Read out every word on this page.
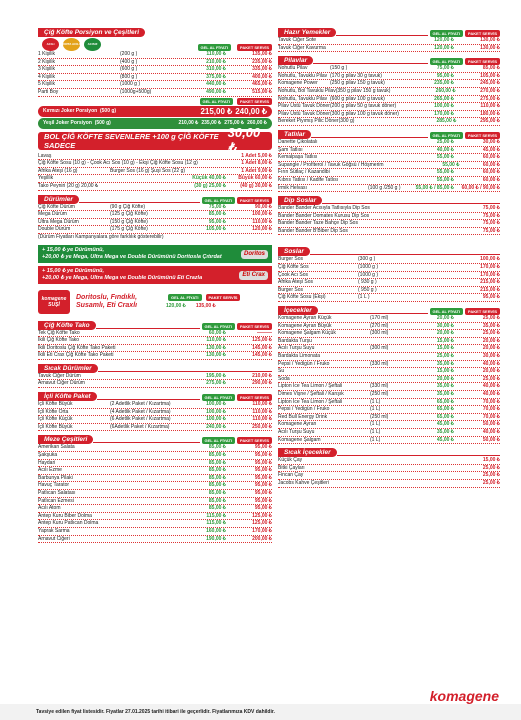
Çiğ Köfte Porsiyon ve Çeşitleri
ACILI	ORTA ACILI	ACISIZ
GEL AL FİYATI	PAKET SERVİS
1 Kişilik	(200 g )	110,00 ₺	135,00 ₺
2 Kişilik	(400 g )	210,00 ₺	235,00 ₺
3 Kişilik	(600 g )	310,00 ₺	335,00 ₺
4 Kişilik	(800 g )	375,00 ₺	400,00 ₺
5 Kişilik	(1000 g )	440,00 ₺	465,00 ₺
Parti Boy	(1000g+500g)	490,00 ₺	515,00 ₺
GEL AL FİYATI	PAKET SERVİS
Kırmızı Joker Porsiyon
(500 g)	215,00 ₺ 240,00 ₺
Yeşil Joker Porsiyon
(500 g)	210,00 ₺ 235,00 ₺ 275,00 ₺ 260,00 ₺
BOL ÇİĞ KÖFTE SEVENLERE +100 g ÇİĞ KÖFTE SADECE
30,00 ₺
Lavaş	1 Adet 5,00 ₺
Çiğ Köfte Sosu (10 g) - Çook Acı Sos (10 g) - Ekşi Çiğ Köfte Sosu (12 g)	1 Adet 8,00 ₺
Afrika Ateşi (16 g)	Burger Sos (16 g) Şuşi Sos (22 g)	1 Adet 9,00 ₺
Yeşillik	Küçük 40,00 ₺	Büyük 60,00 ₺
Tako Peyniri (20 g) 20,00 ₺	(30 g) 25,00 ₺	(40 g) 30,00 ₺
Dürümler	GEL AL FİYATI	PAKET SERVİS
Çiğ Köfte Dürüm	(90 g Çiğ Köfte)	75,00 ₺	90,00 ₺
Mega Dürüm	(125 g Çiğ Köfte)	85,00 ₺	100,00 ₺
Ultra Mega Dürüm	(150 g Çiğ Köfte)	95,00 ₺	110,00 ₺
Double Dürüm	(175 g Çiğ Köfte)	105,00 ₺	120,00 ₺
(Dürüm Fiyatları Kampanyalara göre farklılık gösterebilir)
+ 15,00 ₺ ye Dürümünü,
+20,00 ₺ ye Mega, Ultra Mega ve Double Dürümünü Doritosla Çıtırdat	Doritos
+ 15,00 ₺ ye Dürümünü,
+20,00 ₺ ye Mega, Ultra Mega ve Double Dürümünü Eti Crazla	Eti Crax
komagene SUŞİ
Doritoslu, Fındıklı, Susamlı, Eti Craxlı
GEL AL FİYATI	PAKET SERVİS
120,00 ₺ 135,00 ₺
Çiğ Köfte Tako	GEL AL FİYATI	PAKET SERVİS
Tek Çiğ Köfte Tako	60,00 ₺	———
İkili Çiğ Köfte Tako	110,00 ₺	125,00 ₺
İkili Doritoslu Çiğ Köfte Tako Paketi	130,00 ₺	145,00 ₺
İkili Eti Crax Çiğ Köfte Tako Paketi	130,00 ₺	145,00 ₺
Sıcak Dürümler
Tavuk Ciğer Dürüm	195,00 ₺	210,00 ₺
Arnavut Ciğer Dürüm	275,00 ₺	290,00 ₺
İçli Köfte Paket	GEL AL FİYATI	PAKET SERVİS
İçli Köfte Büyük	(2 Adetlik Paket / Kızartma)	100,00 ₺	110,00 ₺
İçli Köfte Orta	(4 Adetlik Paket / Kızartma)	100,00 ₺	110,00 ₺
İçli Köfte Küçük	(6 Adetlik Paket / Kızartma)	100,00 ₺	110,00 ₺
İçli Köfte Büyük	(6Adetlik Paket / Kızartma)	240,00 ₺	250,00 ₺
Meze Çeşitleri	GEL AL FİYATI	PAKET SERVİS
Amerikan Salata	85,00 ₺	95,00 ₺
Şakşuka	85,00 ₺	95,00 ₺
Haydari	85,00 ₺	95,00 ₺
Acılı Ezme	85,00 ₺	95,00 ₺
Barbunya Pilaki	85,00 ₺	95,00 ₺
Havuç Tarator	85,00 ₺	95,00 ₺
Patlıcan Salatası	85,00 ₺	95,00 ₺
Patlıcan Ezmesi	85,00 ₺	95,00 ₺
Acılı Atom	85,00 ₺	95,00 ₺
Antep Kuru Biber Dolma	115,00 ₺	125,00 ₺
Antep Kuru Patlıcan Dolma	115,00 ₺	125,00 ₺
Yaprak Sarma	160,00 ₺	170,00 ₺
Arnavut Ciğeri	190,00 ₺	200,00 ₺
Hazır Yemekler	GEL AL FİYATI	PAKET SERVİS
Tavuk Ciğer Sote	120,00 ₺	130,00 ₺
Tavuk Ciğer Kavurma	120,00 ₺	130,00 ₺
Pilavlar	GEL AL FİYATI	PAKET SERVİS
Nohutlu Pilav	(150 g )	75,00 ₺	85,00 ₺
Nohutlu, Tavuklu Pilav (170 g pilav 30 g tavuk)	95,00 ₺	105,00 ₺
Komagene Power	(250 g pilav 150 g tavuk)	235,00 ₺	245,00 ₺
Nohutlu, Bol Tavuklu Pilav (350 g pilav 150 g tavuk)	260,00 ₺	270,00 ₺
Nohutlu, Tavuklu Pilav (600 g pilav 100 g tavuk)	265,00 ₺	275,00 ₺
Pilav Üstü Tavuk Döner (200 g pilav 50 g tavuk döner)	100,00 ₺	110,00 ₺
Pilav Üstü Tavuk Döner (300 g pilav 100 g tavuk döner)	170,00 ₺	180,00 ₺
Bereket Piyımış Pilic Döner (300 g)	285,00 ₺	295,00 ₺
Tatlılar	GEL AL FİYATI	PAKET SERVİS
Danette Çikolatalı	25,00 ₺	30,00 ₺
Şam Tatlısı	40,00 ₺	45,00 ₺
Kemalpaşa Tatlısı	55,00 ₺	60,00 ₺
Supangle / Profiterol / Tavuk Göğsü / Höşmerim	55,00 ₺	60,00 ₺
Fırın Sütlaç / Kazandibi	55,00 ₺	60,00 ₺
Kıbrıs Tatlısı / Kadife Tatlısı	55,00 ₺	60,00 ₺
İrmik Helvası	(100 g /250 g )	55,00 ₺ / 85,00 ₺	60,00 ₺ / 90,00 ₺
Dip Soslar
Bander Bander Acısıyla Tatlısıyla Dip Sos	75,00 ₺
Bander Bander Domates Kurusu Dip Sos	75,00 ₺
Bander Bander Taze Bahçe Dip Sos	75,00 ₺
Bander Bander B'Biber Dip Sos	75,00 ₺
Soslar
Burger Sos	(300 g )	100,00 ₺
Çiğ Köfte Sos	(1000 g )	170,00 ₺
Çook Acı Sos	(1000 g )	170,00 ₺
Afrika Ateşi Sos	( 930 g )	215,00 ₺
Burger Sos	( 950 g )	215,00 ₺
Çiğ Köfte Sosu (Ekşi)	(1 L )	95,00 ₺
İçecekler	GEL AL FİYATI	PAKET SERVİS
Komagene Ayran Küçük	(170 ml)	20,00 ₺	25,00 ₺
Komagene Ayran Büyük	(270 ml)	30,00 ₺	35,00 ₺
Komagene Şalgam Küçük	(300 ml)	20,00 ₺	25,00 ₺
Bardakta Turşu	15,00 ₺	20,00 ₺
Acılı Turşu Suyu	(300 ml)	15,00 ₺	20,00 ₺
Bardakta Limonata	25,00 ₺	30,00 ₺
Pepsi / Yedigün / Fruko	(330 ml)	35,00 ₺	40,00 ₺
Su	15,00 ₺	20,00 ₺
Soda	20,00 ₺	25,00 ₺
Lipton Ice Tea Limon / Şeftali	(330 ml)	35,00 ₺	40,00 ₺
Dimes Vişne / Şeftali / Karışık	(250 ml)	35,00 ₺	40,00 ₺
Lipton Ice Tea Limon / Şeftali	(1 L)	65,00 ₺	70,00 ₺
Pepsi / Yedigün / Fruko	(1 L)	65,00 ₺	70,00 ₺
Red Bull Energy Drink	(250 ml)	65,00 ₺	70,00 ₺
Komagene Ayran	(1 L)	45,00 ₺	50,00 ₺
Acılı Turşu Suyu	(1 L)	35,00 ₺	40,00 ₺
Komagene Şalgam	(1 L)	45,00 ₺	50,00 ₺
Sıcak İçecekler
Küçük Çay	15,00 ₺
Bitki Çayları	25,00 ₺
Fincan Çay	25,00 ₺
Jacobs Kahve Çeşitleri	25,00 ₺
komagene
Tavsiye edilen fiyat listesidir. Fiyatlar 27.01.2025 tarihi itibari ile geçerlidir. Fiyatlarımıza KDV dahildir.
